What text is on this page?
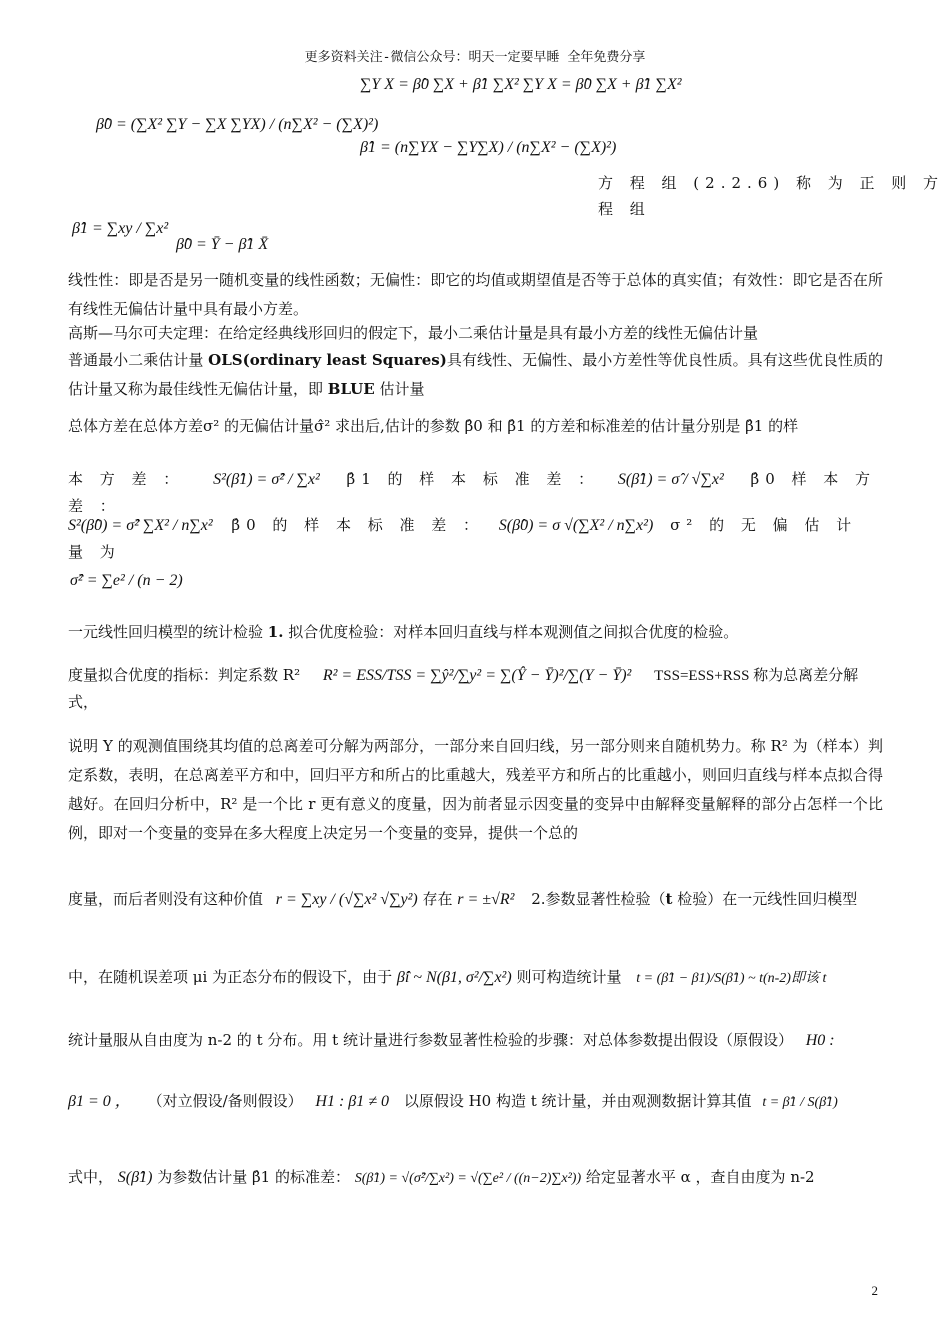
更多资料关注-微信公众号：明天一定要早睡 全年免费分享
∑Y X = β̂0 ∑X + β̂1 ∑X² ∑Y X = β̂0 ∑X + β̂1 ∑X²
β̂0 = (∑X² ∑Y − ∑X ∑YX) / (n∑X² − (∑X)²)
β̂1 = (n∑YX − ∑Y∑X) / (n∑X² − (∑X)²)
方 程 组 (2.2.6) 称 为 正 则 方 程 组
β̂1 = ∑xy / ∑x²
β̂0 = Ȳ − β̂1 X̄
线性性：即是否是另一随机变量的线性函数；无偏性：即它的均值或期望值是否等于总体的真实值；有效性：即它是否在所有线性无偏估计量中具有最小方差。
高斯—马尔可夫定理：在给定经典线形回归的假定下，最小二乘估计量是具有最小方差的线性无偏估计量
普通最小二乘估计量 OLS(ordinary least Squares)具有线性、无偏性、最小方差性等优良性质。具有这些优良性质的估计量又称为最佳线性无偏估计量，即 BLUE 估计量
总体方差在总体方差σ² 的无偏估计量σ̂² 求出后,估计的参数 β̂0 和 β̂1 的方差和标准差的估计量分别是 β̂1 的样
本 方 差 ： S²(β̂1) = σ̂² / ∑x² β̂1 的 样 本 标 准 差 ： S(β̂1) = σ̂ / √∑x² β̂0 样 本 方 差 ：
S²(β̂0) = σ̂² ∑X² / n∑x² β̂0 的 样 本 标 准 差 ： S(β̂0) = σ √(∑X² / n∑x²) σ² 的 无 偏 估 计 量 为
σ̂² = ∑e² / (n − 2)
一元线性回归模型的统计检验 1. 拟合优度检验：对样本回归直线与样本观测值之间拟合优度的检验。
度量拟合优度的指标：判定系数 R² R² = ESS/TSS = ∑ŷ²/∑y² = ∑(Ŷ − Ȳ)²/∑(Y − Ȳ)² TSS=ESS+RSS 称为总离差分解式，
说明 Y 的观测值围绕其均值的总离差可分解为两部分，一部分来自回归线，另一部分则来自随机势力。称 R² 为（样本）判定系数，表明，在总离差平方和中，回归平方和所占的比重越大，残差平方和所占的比重越小，则回归直线与样本点拟合得越好。在回归分析中，R² 是一个比 r 更有意义的度量，因为前者显示因变量的变异中由解释变量解释的部分占怎样一个比例，即对一个变量的变异在多大程度上决定另一个变量的变异，提供一个总的
度量，而后者则没有这种价值 r = ∑xy / (√∑x² √∑y²) 存在 r = ±√R² 2.参数显著性检验（t 检验）在一元线性回归模型
中，在随机误差项 μi 为正态分布的假设下，由于 β̂i ~ N(β1, σ²/∑x²) 则可构造统计量 t = (β̂1 − β1)/S(β̂1) ~ t(n-2)即该 t
统计量服从自由度为 n-2 的 t 分布。用 t 统计量进行参数显著性检验的步骤：对总体参数提出假设（原假设） H0 :
β1 = 0 ， （对立假设/备则假设） H1 : β1 ≠ 0 以原假设 H0 构造 t 统计量，并由观测数据计算其值 t = β̂1 / S(β̂1)
式中， S(β̂1) 为参数估计量 β̂1 的标准差： S(β̂1) = √(σ̂²/∑x²) = √(∑e² / ((n−2)∑x²)) 给定显著水平 α ，查自由度为 n-2
2
